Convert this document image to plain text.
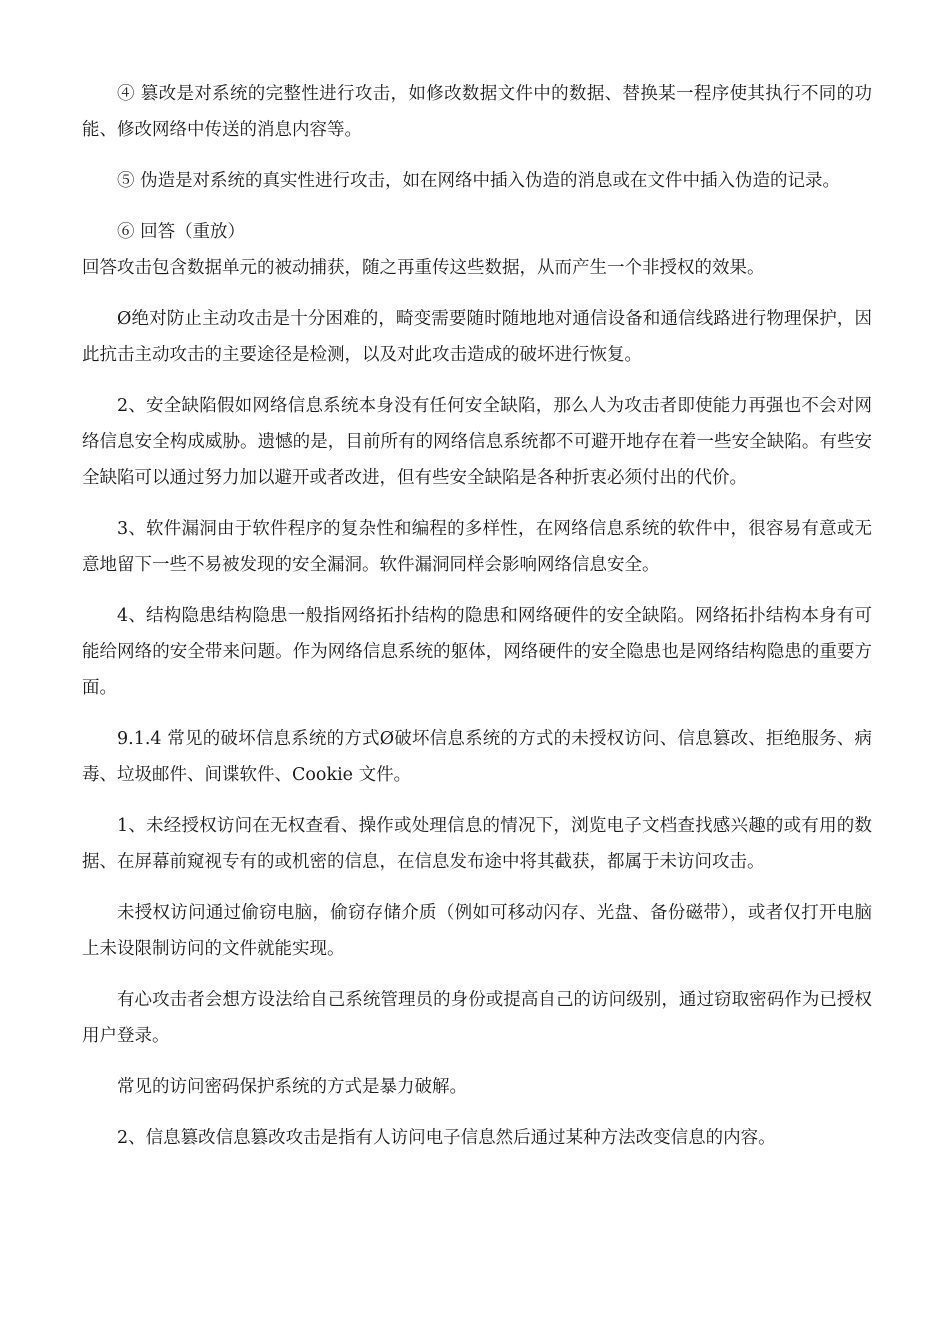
④ 篡改是对系统的完整性进行攻击，如修改数据文件中的数据、替换某一程序使其执行不同的功能、修改网络中传送的消息内容等。

⑤ 伪造是对系统的真实性进行攻击，如在网络中插入伪造的消息或在文件中插入伪造的记录。

⑥ 回答（重放）

回答攻击包含数据单元的被动捕获，随之再重传这些数据，从而产生一个非授权的效果。

Ø绝对防止主动攻击是十分困难的，畸变需要随时随地地对通信设备和通信线路进行物理保护，因此抗击主动攻击的主要途径是检测，以及对此攻击造成的破坏进行恢复。

2、安全缺陷假如网络信息系统本身没有任何安全缺陷，那么人为攻击者即使能力再强也不会对网络信息安全构成威胁。遗憾的是，目前所有的网络信息系统都不可避开地存在着一些安全缺陷。有些安全缺陷可以通过努力加以避开或者改进，但有些安全缺陷是各种折衷必须付出的代价。

3、软件漏洞由于软件程序的复杂性和编程的多样性，在网络信息系统的软件中，很容易有意或无意地留下一些不易被发现的安全漏洞。软件漏洞同样会影响网络信息安全。

4、结构隐患结构隐患一般指网络拓扑结构的隐患和网络硬件的安全缺陷。网络拓扑结构本身有可能给网络的安全带来问题。作为网络信息系统的躯体，网络硬件的安全隐患也是网络结构隐患的重要方面。

9.1.4 常见的破坏信息系统的方式Ø破坏信息系统的方式的未授权访问、信息篡改、拒绝服务、病毒、垃圾邮件、间谍软件、Cookie 文件。

1、未经授权访问在无权查看、操作或处理信息的情况下，浏览电子文档查找感兴趣的或有用的数据、在屏幕前窥视专有的或机密的信息，在信息发布途中将其截获，都属于未访问攻击。

未授权访问通过偷窃电脑，偷窃存储介质（例如可移动闪存、光盘、备份磁带），或者仅打开电脑上未设限制访问的文件就能实现。

有心攻击者会想方设法给自己系统管理员的身份或提高自己的访问级别，通过窃取密码作为已授权用户登录。

常见的访问密码保护系统的方式是暴力破解。

2、信息篡改信息篡改攻击是指有人访问电子信息然后通过某种方法改变信息的内容。
